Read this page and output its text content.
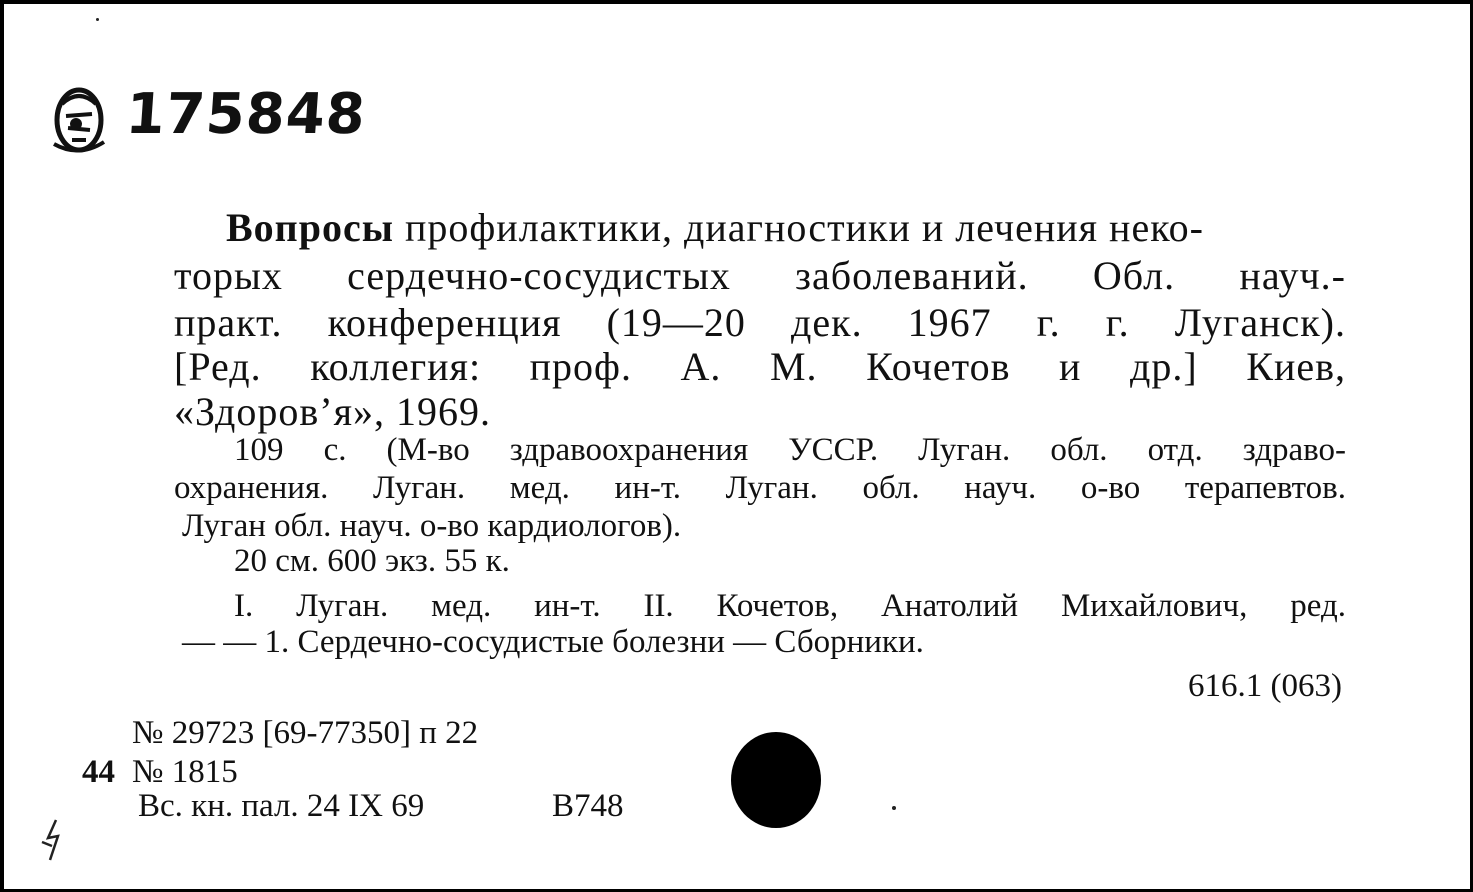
175848
Вопросы профилактики, диагностики и лечения неко-
торых сердечно-сосудистых заболеваний. Обл. науч.-
практ. конференция (19—20 дек. 1967 г. г. Луганск).
[Ред. коллегия: проф. А. М. Кочетов и др.] Киев,
«Здоров’я», 1969.
109 с. (М-во здравоохранения УССР. Луган. обл. отд. здраво-
охранения. Луган. мед. ин-т. Луган. обл. науч. о-во терапевтов.
Луган обл. науч. о-во кардиологов).
20 см. 600 экз. 55 к.
I. Луган. мед. ин-т. II. Кочетов, Анатолий Михайлович, ред.
— — 1. Сердечно-сосудистые болезни — Сборники.
616.1 (063)
№ 29723 [69-77350] п 22
44 № 1815
Вс. кн. пал. 24 IX 69	В748
